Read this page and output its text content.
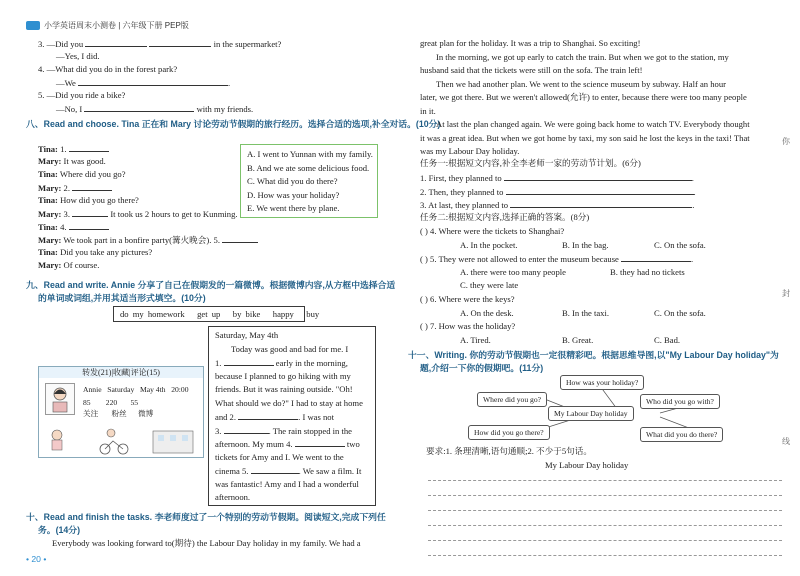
小学英语周末小测卷 | 六年级下册 PEP版
3. —Did you	in the supermarket?
—Yes, I did.
4. —What did you do in the forest park?
—We	.
5. —Did you ride a bike?
—No, I	with my friends.
八、Read and choose. Tina 正在和 Mary 讨论劳动节假期的旅行经历。选择合适的选项,补全对话。(10分)
Tina: 1.
Mary: It was good.
Tina: Where did you go?
Mary: 2.
Tina: How did you go there?
Mary: 3.	It took us 2 hours to get to Kunming.
Tina: 4.
Mary: We took part in a bonfire party(篝火晚会). 5.
Tina: Did you take any pictures?
Mary: Of course.
A. I went to Yunnan with my family.
B. And we ate some delicious food.
C. What did you do there?
D. How was your holiday?
E. We went there by plane.
九、Read and write. Annie 分享了自己在假期发的一篇微博。根据微博内容,从方框中选择合适
的单词或词组,并用其适当形式填空。(10分)
do my homework get up by bike happy buy
转发(21)|收藏|评论(15)
Annie Saturday May 4th 20:00
85 220 55
关注 粉丝 微博
Saturday, May 4th
Today was good and bad for me. I
1.	early in the morning,
because I planned to go hiking with my
friends. But it was raining outside. "Oh!
What should we do?" I had to stay at home
and 2.	. I was not
3.	. The rain stopped in the
afternoon. My mum 4.	two
tickets for Amy and I. We went to the
cinema 5.	. We saw a film. It
was fantastic! Amy and I had a wonderful
afternoon.
十、Read and finish the tasks. 李老师度过了一个特别的劳动节假期。阅读短文,完成下列任
务。(14分)
Everybody was looking forward to(期待) the Labour Day holiday in my family. We had a
• 20 •
great plan for the holiday. It was a trip to Shanghai. So exciting!
In the morning, we got up early to catch the train. But when we got to the station, my
husband said that the tickets were still on the sofa. The train left!
Then we had another plan. We went to the science museum by subway. Half an hour
later, we got there. But we weren't allowed(允许) to enter, because there were too many people
in it.
At last the plan changed again. We were going back home to watch TV. Everybody thought
it was a great idea. But when we got home by taxi, my son said he lost the keys in the taxi! That
was my Labour Day holiday.
任务一:根据短文内容,补全李老师一家的劳动节计划。(6分)
1. First, they planned to	.
2. Then, they planned to	.
3. At last, they planned to	.
任务二:根据短文内容,选择正确的答案。(8分)
( ) 4. Where were the tickets to Shanghai?
A. In the pocket.	B. In the bag.	C. On the sofa.
( ) 5. They were not allowed to enter the museum because	.
A. there were too many people	B. they had no tickets
C. they were late
( ) 6. Where were the keys?
A. On the desk.	B. In the taxi.	C. On the sofa.
( ) 7. How was the holiday?
A. Tired.	B. Great.	C. Bad.
十一、Writing. 你的劳动节假期也一定很精彩吧。根据思维导图,以"My Labour Day holiday"为
题,介绍一下你的假期吧。(11分)
My Labour Day holiday
How was your holiday?
Where did you go?	Who did you go with?
How did you go there?	What did you do there?
要求:1. 条理清晰,语句通顺;2. 不少于5句话。
My Labour Day holiday
你
封
线
